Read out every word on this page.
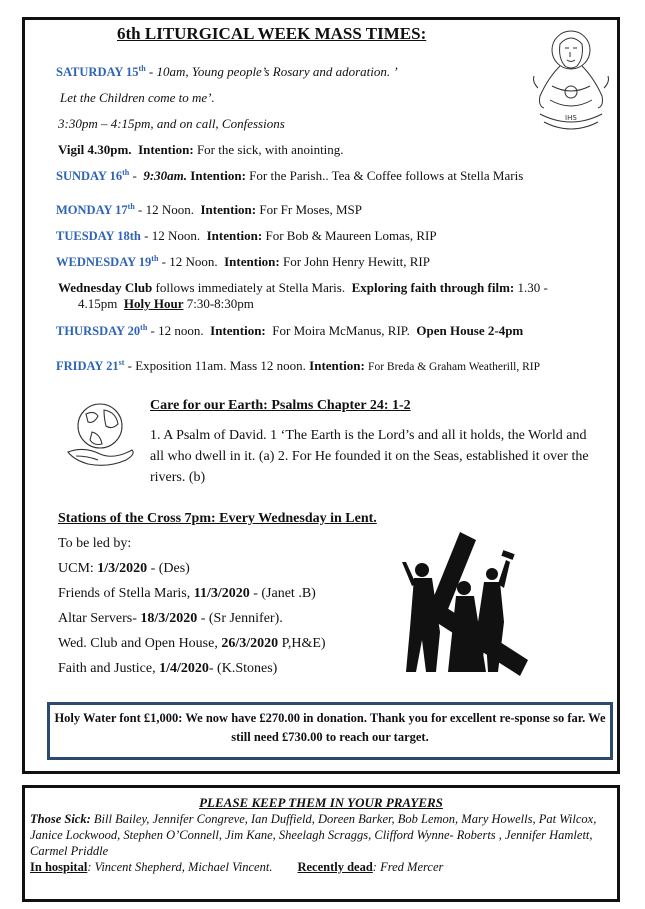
6th LITURGICAL WEEK MASS TIMES:
IHS
SATURDAY 15th - 10am, Young people’s Rosary and adoration. ’
Let the Children come to me’.
3:30pm – 4:15pm, and on call, Confessions
Vigil 4.30pm. Intention: For the sick, with anointing.
SUNDAY 16th -  9:30am. Intention: For the Parish.. Tea & Coffee follows at Stella Maris
MONDAY 17th - 12 Noon. Intention: For Fr Moses, MSP
TUESDAY 18th - 12 Noon. Intention: For Bob & Maureen Lomas, RIP
WEDNESDAY 19th - 12 Noon. Intention: For John Henry Hewitt, RIP
Wednesday Club follows immediately at Stella Maris. Exploring faith through film: 1.30 -
4.15pm Holy Hour 7:30-8:30pm
THURSDAY 20th - 12 noon. Intention: For Moira McManus, RIP. Open House 2-4pm
FRIDAY 21st - Exposition 11am. Mass 12 noon. Intention: For Breda & Graham Weatherill, RIP
Care for our Earth: Psalms Chapter 24: 1-2
1. A Psalm of David. 1 ‘The Earth is the Lord’s and all it holds, the World and all who dwell in it. (a) 2. For He founded it on the Seas, established it over the rivers. (b)
Stations of the Cross 7pm: Every Wednesday in Lent.
To be led by:
UCM: 1/3/2020 - (Des)
Friends of Stella Maris, 11/3/2020 - (Janet .B)
Altar Servers- 18/3/2020 - (Sr Jennifer).
Wed. Club and Open House, 26/3/2020 P,H&E)
Faith and Justice, 1/4/2020- (K.Stones)
Holy Water font £1,000: We now have £270.00 in donation. Thank you for excellent re-sponse so far. We still need £730.00 to reach our target.
PLEASE KEEP THEM IN YOUR PRAYERS
Those Sick: Bill Bailey, Jennifer Congreve, Ian Duffield, Doreen Barker, Bob Lemon, Mary Howells, Pat Wilcox, Janice Lockwood, Stephen O’Connell, Jim Kane, Sheelagh Scraggs, Clifford Wynne- Roberts , Jennifer Hamlett, Carmel Priddle
In hospital: Vincent Shepherd, Michael Vincent. Recently dead: Fred Mercer
